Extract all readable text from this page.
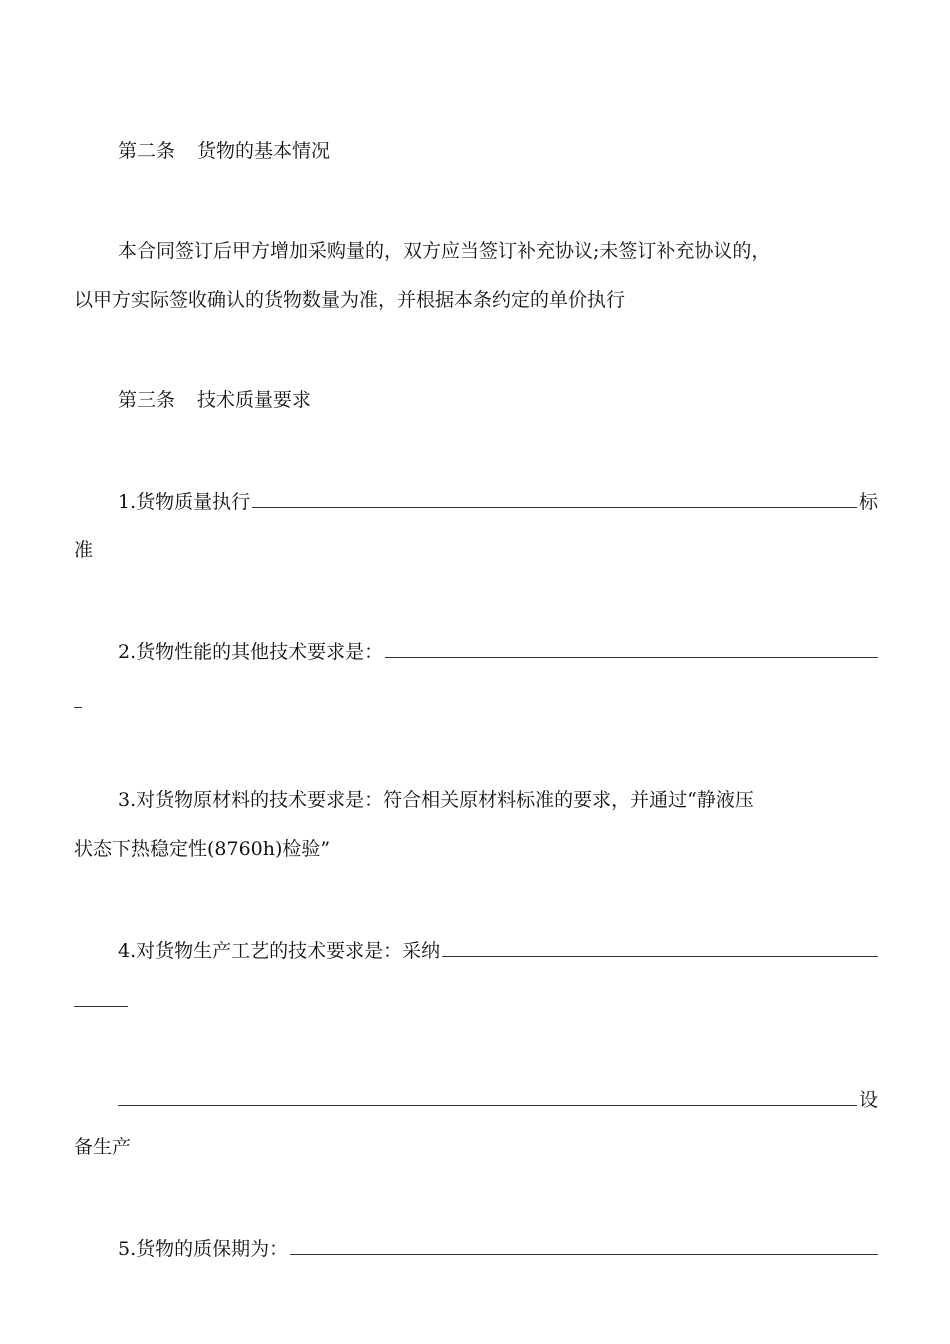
第二条 货物的基本情况
本合同签订后甲方增加采购量的，双方应当签订补充协议;未签订补充协议的，
以甲方实际签收确认的货物数量为准，并根据本条约定的单价执行
第三条 技术质量要求
1.货物质量执行	标
准
2.货物性能的其他技术要求是：
3.对货物原材料的技术要求是：符合相关原材料标准的要求，并通过“静液压
状态下热稳定性(8760h)检验”
4.对货物生产工艺的技术要求是：采纳
设
备生产
5.货物的质保期为：
